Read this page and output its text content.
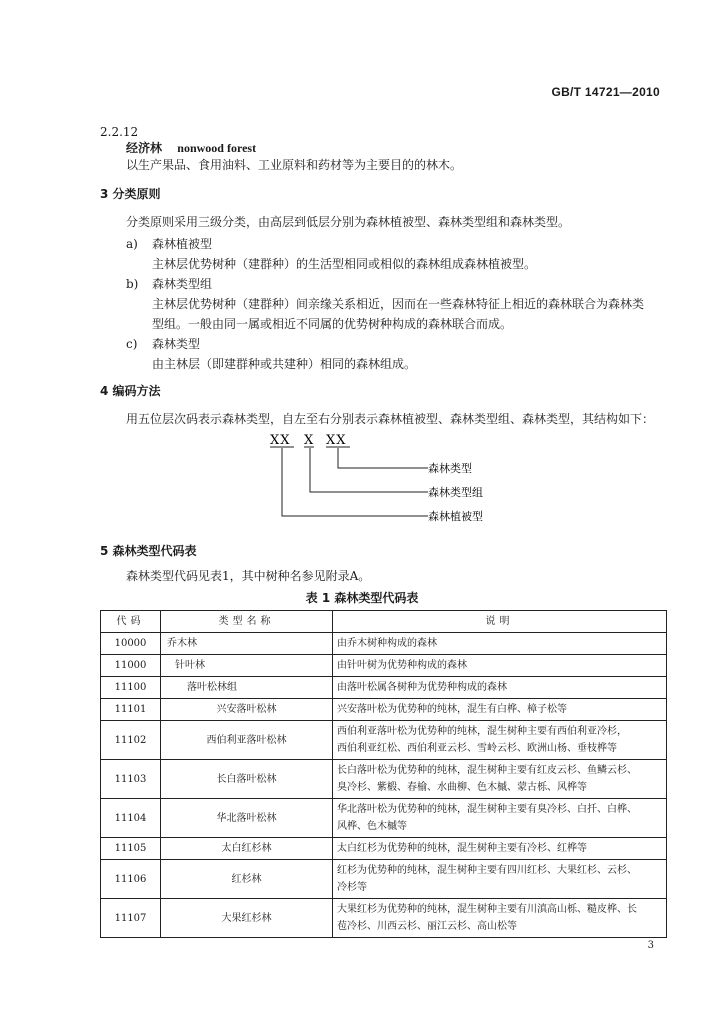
GB/T 14721—2010
2.2.12
经济林 nonwood forest
以生产果品、食用油料、工业原料和药材等为主要目的的林木。
3 分类原则
分类原则采用三级分类，由高层到低层分别为森林植被型、森林类型组和森林类型。
a) 森林植被型
主林层优势树种（建群种）的生活型相同或相似的森林组成森林植被型。
b) 森林类型组
主林层优势树种（建群种）间亲缘关系相近，因而在一些森林特征上相近的森林联合为森林类
型组。一般由同一属或相近不同属的优势树种构成的森林联合而成。
c) 森林类型
由主林层（即建群种或共建种）相同的森林组成。
4 编码方法
用五位层次码表示森林类型，自左至右分别表示森林植被型、森林类型组、森林类型，其结构如下：
XX X XX
森林类型
森林类型组
森林植被型
5 森林类型代码表
森林类型代码见表1，其中树种名参见附录A。
表 1 森林类型代码表
代码	类型名称	说明
10000	乔木林	由乔木树种构成的森林

11000	针叶林	由针叶树为优势种构成的森林

11100	落叶松林组	由落叶松属各树种为优势种构成的森林

11101	兴安落叶松林	兴安落叶松为优势种的纯林，混生有白桦、樟子松等

11102	西伯利亚落叶松林	西伯利亚落叶松为优势种的纯林，混生树种主要有西伯利亚冷杉，
西伯利亚红松、西伯利亚云杉、雪岭云杉、欧洲山杨、垂枝桦等

11103	长白落叶松林	长白落叶松为优势种的纯林，混生树种主要有红皮云杉、鱼鳞云杉、
臭冷杉、紫椴、春榆、水曲柳、色木槭、蒙古栎、风桦等

11104	华北落叶松林	华北落叶松为优势种的纯林，混生树种主要有臭冷杉、白扦、白桦、
风桦、色木槭等

11105	太白红杉林	太白红杉为优势种的纯林，混生树种主要有冷杉、红桦等

11106	红杉林	红杉为优势种的纯林，混生树种主要有四川红杉、大果红杉、云杉、
冷杉等

11107	大果红杉林	大果红杉为优势种的纯林，混生树种主要有川滇高山栎、糙皮桦、长
苞冷杉、川西云杉、丽江云杉、高山松等
3
